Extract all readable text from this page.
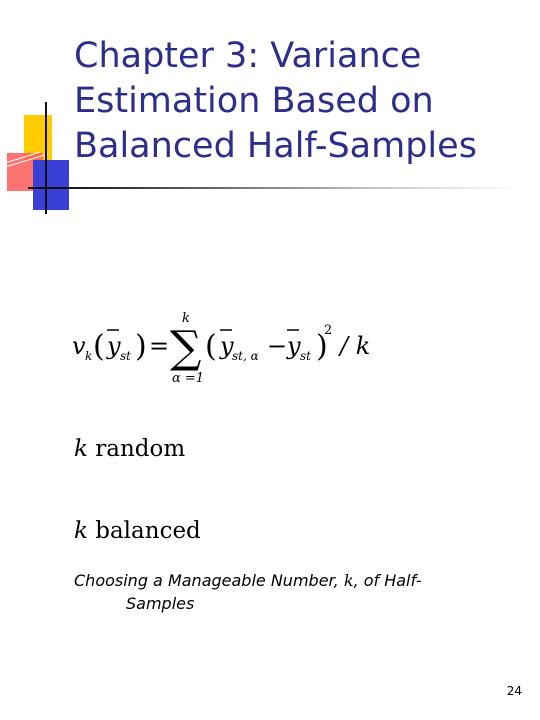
Chapter 3: Variance
Estimation Based on
Balanced Half-Samples
v k ( y st ) =
k
∑
α =1
( y
st, α − y st )
2
/ k
k random
k balanced
Choosing a Manageable Number, k, of Half-
Samples
24
